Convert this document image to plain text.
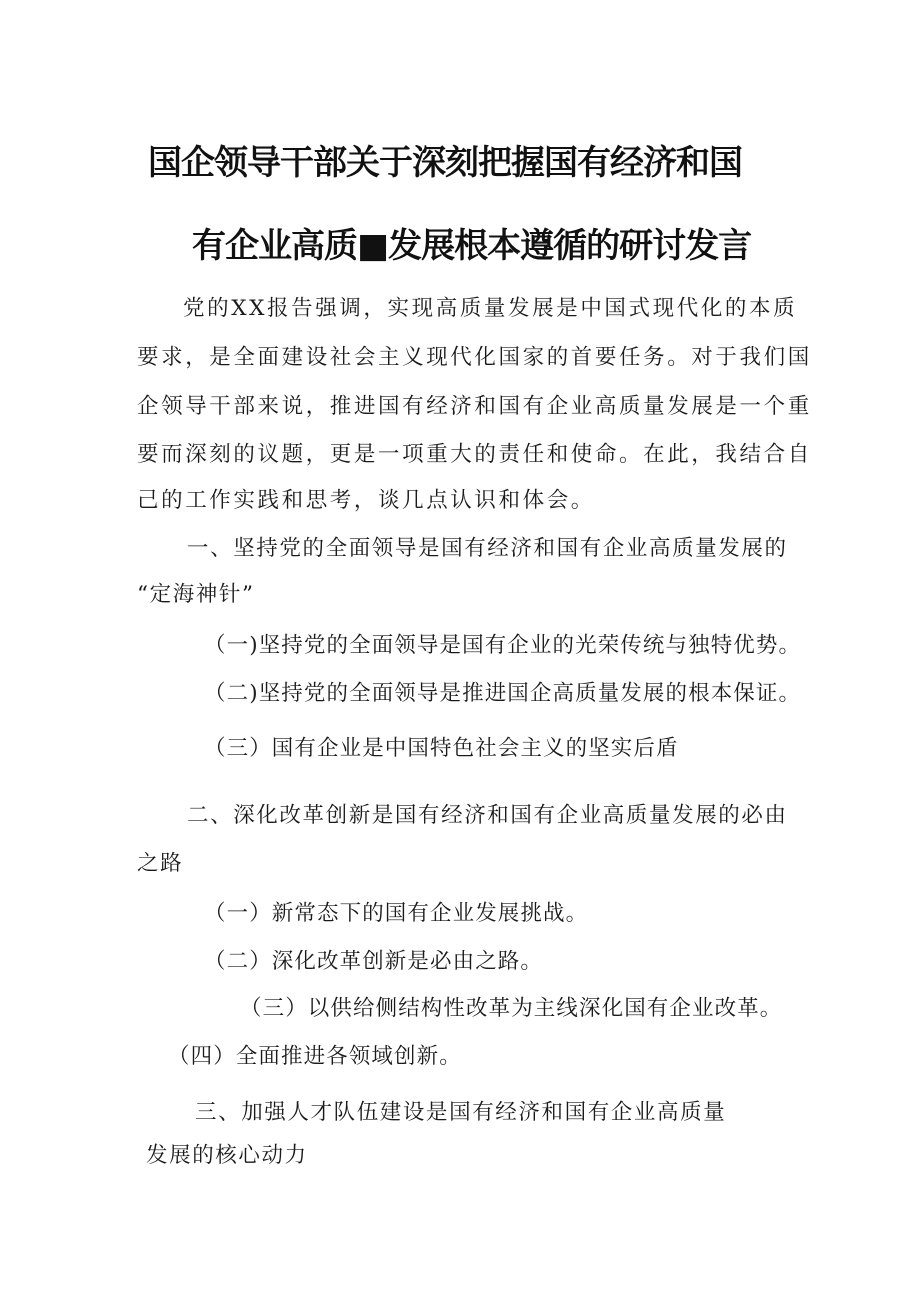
国企领导干部关于深刻把握国有经济和国
有企业高质■发展根本遵循的研讨发言
党的XX报告强调，实现高质量发展是中国式现代化的本质
要求，是全面建设社会主义现代化国家的首要任务。对于我们国
企领导干部来说，推进国有经济和国有企业高质量发展是一个重
要而深刻的议题，更是一项重大的责任和使命。在此，我结合自
己的工作实践和思考，谈几点认识和体会。
一、坚持党的全面领导是国有经济和国有企业高质量发展的
“定海神针”
（一)坚持党的全面领导是国有企业的光荣传统与独特优势。
（二)坚持党的全面领导是推进国企高质量发展的根本保证。
（三）国有企业是中国特色社会主义的坚实后盾
二、深化改革创新是国有经济和国有企业高质量发展的必由
之路
（一）新常态下的国有企业发展挑战。
（二）深化改革创新是必由之路。
（三）以供给侧结构性改革为主线深化国有企业改革。
（四）全面推进各领域创新。
三、加强人才队伍建设是国有经济和国有企业高质量
发展的核心动力
